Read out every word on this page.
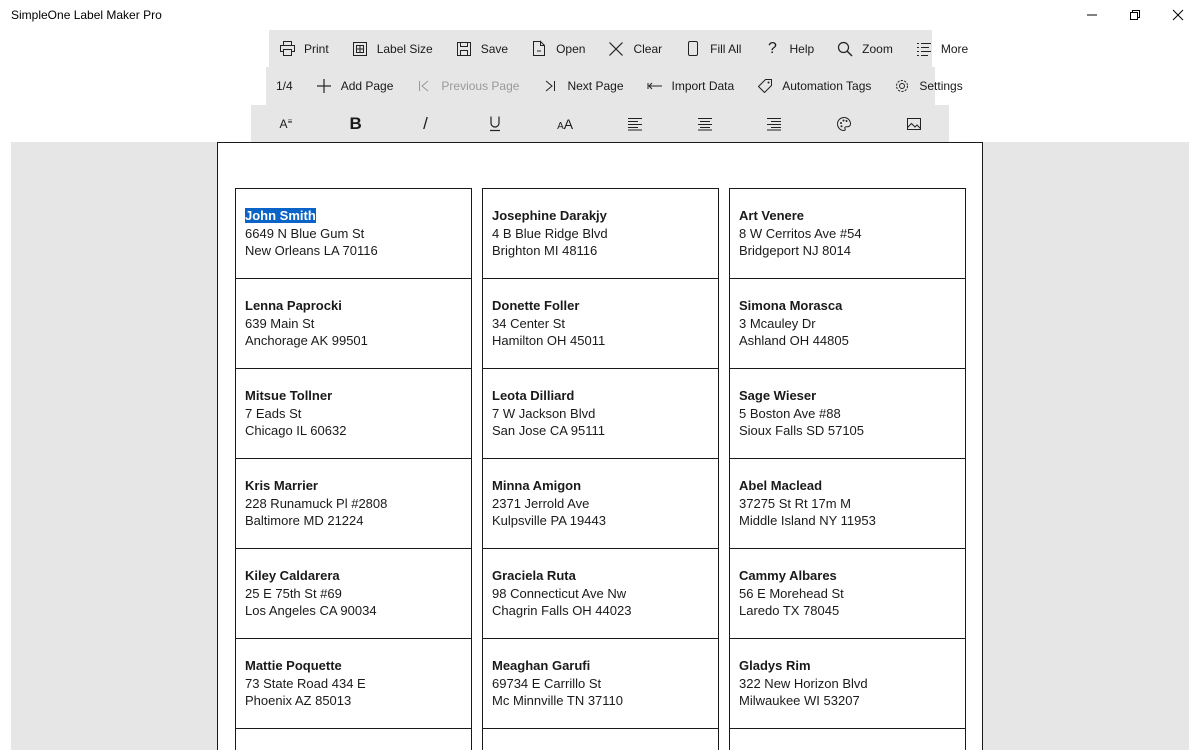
SimpleOne Label Maker Pro
Print	Label Size	Save	Open	Clear	Fill All ?	Help	Zoom	More
1/4	Add Page	Previous Page	Next Page	Import Data	Automation Tags	Settings
A≡	B	/	AA
John Smith
6649 N Blue Gum St
New Orleans LA 70116
Josephine Darakjy
4 B Blue Ridge Blvd
Brighton MI 48116
Art Venere
8 W Cerritos Ave #54
Bridgeport NJ 8014
Lenna Paprocki
639 Main St
Anchorage AK 99501
Donette Foller
34 Center St
Hamilton OH 45011
Simona Morasca
3 Mcauley Dr
Ashland OH 44805
Mitsue Tollner
7 Eads St
Chicago IL 60632
Leota Dilliard
7 W Jackson Blvd
San Jose CA 95111
Sage Wieser
5 Boston Ave #88
Sioux Falls SD 57105
Kris Marrier
228 Runamuck Pl #2808
Baltimore MD 21224
Minna Amigon
2371 Jerrold Ave
Kulpsville PA 19443
Abel Maclead
37275 St Rt 17m M
Middle Island NY 11953
Kiley Caldarera
25 E 75th St #69
Los Angeles CA 90034
Graciela Ruta
98 Connecticut Ave Nw
Chagrin Falls OH 44023
Cammy Albares
56 E Morehead St
Laredo TX 78045
Mattie Poquette
73 State Road 434 E
Phoenix AZ 85013
Meaghan Garufi
69734 E Carrillo St
Mc Minnville TN 37110
Gladys Rim
322 New Horizon Blvd
Milwaukee WI 53207
